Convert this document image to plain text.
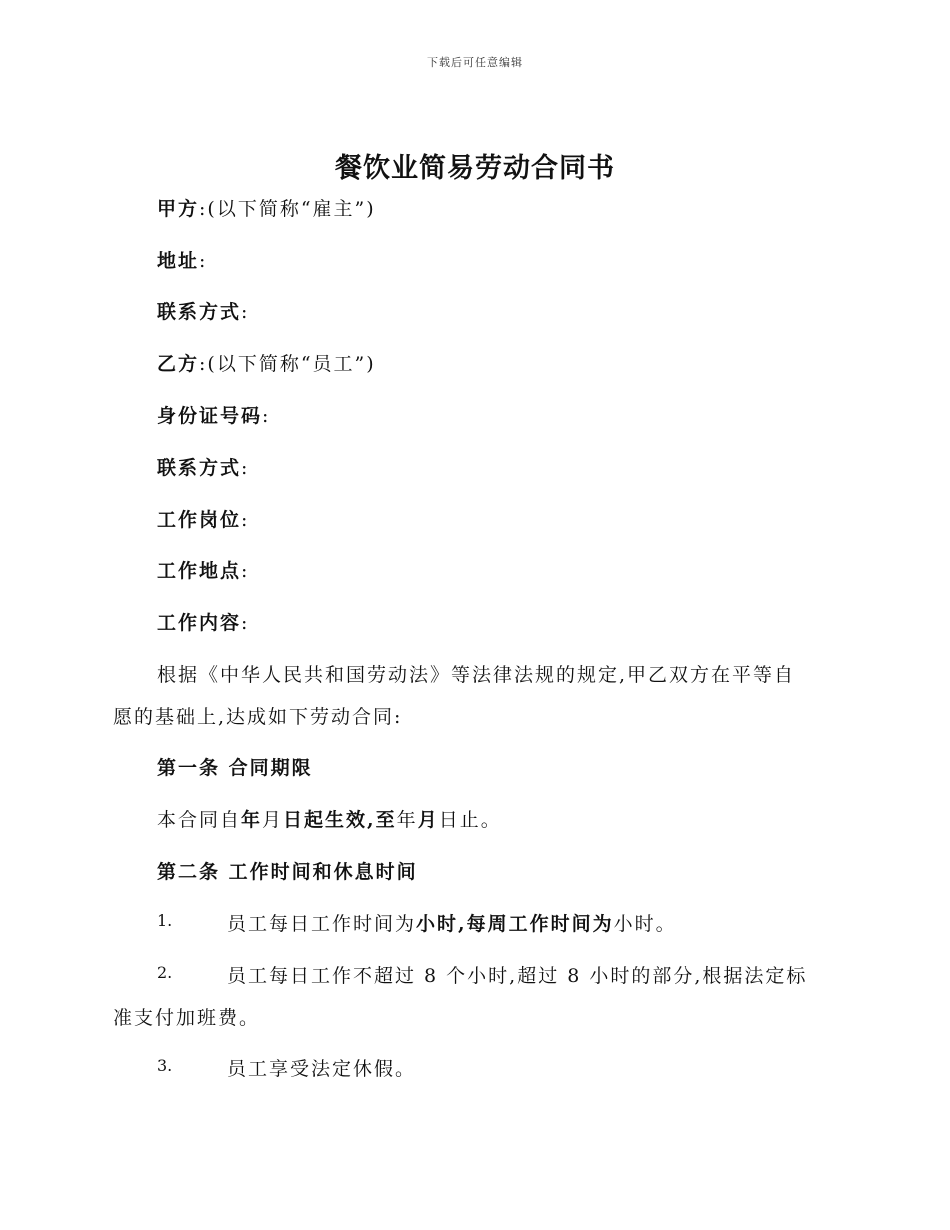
下载后可任意编辑
餐饮业简易劳动合同书
甲方:(以下简称“雇主”)
地址:
联系方式:
乙方:(以下简称“员工”)
身份证号码:
联系方式:
工作岗位:
工作地点:
工作内容:
根据《中华人民共和国劳动法》等法律法规的规定,甲乙双方在平等自
愿的基础上,达成如下劳动合同:
第一条 合同期限
本合同自年月日起生效,至年月日止。
第二条 工作时间和休息时间
1.	员工每日工作时间为小时,每周工作时间为小时。
2.	员工每日工作不超过 8 个小时,超过 8 小时的部分,根据法定标
准支付加班费。
3.	员工享受法定休假。
